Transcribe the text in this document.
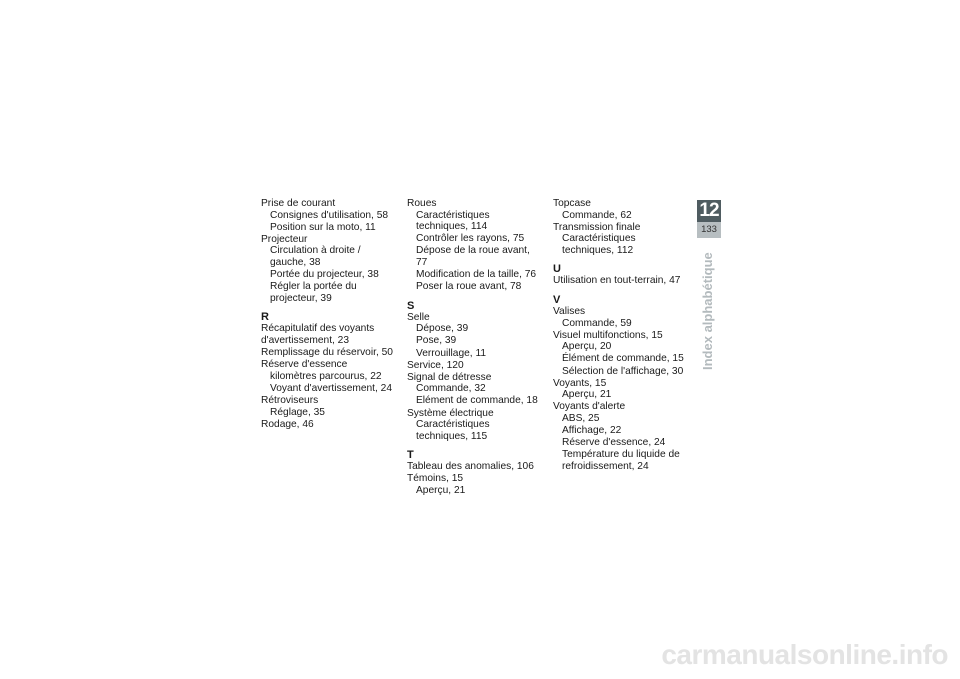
Prise de courant
Consignes d'utilisation, 58
Position sur la moto, 11
Projecteur
Circulation à droite / gauche, 38
Portée du projecteur, 38
Régler la portée du projecteur, 39
R
Récapitulatif des voyants d'avertissement, 23
Remplissage du réservoir, 50
Réserve d'essence
kilomètres parcourus, 22
Voyant d'avertissement, 24
Rétroviseurs
Réglage, 35
Rodage, 46
Roues
Caractéristiques techniques, 114
Contrôler les rayons, 75
Dépose de la roue avant, 77
Modification de la taille, 76
Poser la roue avant, 78
S
Selle
Dépose, 39
Pose, 39
Verrouillage, 11
Service, 120
Signal de détresse
Commande, 32
Elément de commande, 18
Système électrique
Caractéristiques techniques, 115
T
Tableau des anomalies, 106
Témoins, 15
Aperçu, 21
Topcase
Commande, 62
Transmission finale
Caractéristiques techniques, 112
U
Utilisation en tout-terrain, 47
V
Valises
Commande, 59
Visuel multifonctions, 15
Aperçu, 20
Élément de commande, 15
Sélection de l'affichage, 30
Voyants, 15
Aperçu, 21
Voyants d'alerte
ABS, 25
Affichage, 22
Réserve d'essence, 24
Température du liquide de refroidissement, 24
12
133
Index alphabétique
carmanualsonline.info
